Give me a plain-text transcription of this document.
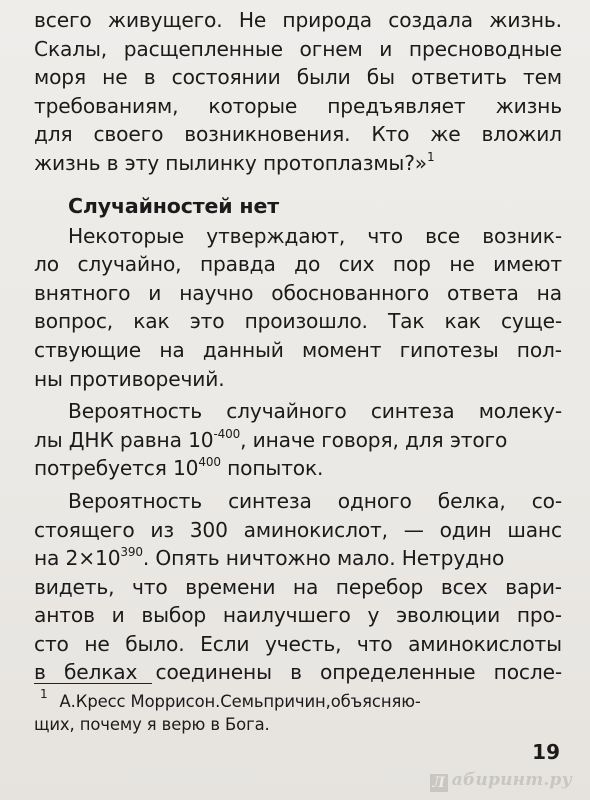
всего живущего. Не природа создала жизнь.
Скалы, расщепленные огнем и пресноводные
моря не в состоянии были бы ответить тем
требованиям, которые предъявляет жизнь
для своего возникновения. Кто же вложил
жизнь в эту пылинку протоплазмы?»$^1$
Случайностей нет
Некоторые утверждают, что все возник-
ло случайно, правда до сих пор не имеют
внятного и научно обоснованного ответа на
вопрос, как это произошло. Так как суще-
ствующие на данный момент гипотезы пол-
ны противоречий.
Вероятность случайного синтеза молеку-
лы ДНК равна $10^{-400}$, иначе говоря, для этого
потребуется $10^{400}$ попыток.
Вероятность синтеза одного белка, со-
стоящего из 300 аминокислот, — один шанс
на $2\times 10^{390}$. Опять ничтожно мало. Нетрудно
видеть, что времени на перебор всех вари-
антов и выбор наилучшего у эволюции про-
сто не было. Если учесть, что аминокислоты
в белках соединены в определенные после-
$^1$ А.Кресс Моррисон.Семьпричин,объясняю-
щих, почему я верю в Бога.
19
Л абиринт.ру
